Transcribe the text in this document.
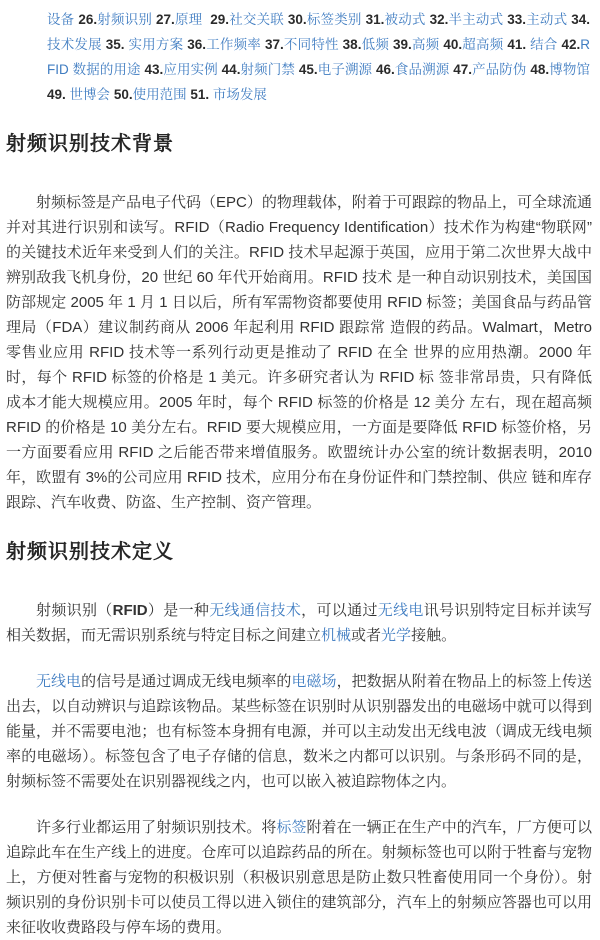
设备 26.射频识别 27.原理 29.社交关联 30.标签类别 31.被动式 32.半主动式 33.主动式 34.技术发展 35. 实用方案 36.工作频率 37.不同特性 38.低频 39.高频 40.超高频 41. 结合 42.RFID 数据的用途 43.应用实例 44.射频门禁 45.电子溯源 46.食品溯源 47.产品防伪 48.博物馆 49. 世博会 50.使用范围 51. 市场发展

射频识别技术背景

射频标签是产品电子代码（EPC）的物理载体，附着于可跟踪的物品上，可全球流通 并对其进行识别和读写。RFID（Radio Frequency Identification）技术作为构建“物联网” 的关键技术近年来受到人们的关注。RFID 技术早起源于英国，应用于第二次世界大战中辨别敌我飞机身份，20 世纪 60 年代开始商用。RFID 技术 是一种自动识别技术，美国国防部规定 2005 年 1 月 1 日以后，所有军需物资都要使用 RFID 标签；美国食品与药品管理局（FDA）建议制药商从 2006 年起利用 RFID 跟踪常 造假的药品。Walmart，Metro 零售业应用 RFID 技术等一系列行动更是推动了 RFID 在全 世界的应用热潮。2000 年时，每个 RFID 标签的价格是 1 美元。许多研究者认为 RFID 标 签非常昂贵，只有降低成本才能大规模应用。2005 年时，每个 RFID 标签的价格是 12 美分 左右，现在超高频 RFID 的价格是 10 美分左右。RFID 要大规模应用，一方面是要降低 RFID 标签价格，另一方面要看应用 RFID 之后能否带来增值服务。欧盟统计办公室的统计数据表明，2010 年，欧盟有 3%的公司应用 RFID 技术，应用分布在身份证件和门禁控制、供应 链和库存跟踪、汽车收费、防盗、生产控制、资产管理。

射频识别技术定义

射频识别（RFID）是一种无线通信技术，可以通过无线电讯号识别特定目标并读写相关数据，而无需识别系统与特定目标之间建立机械或者光学接触。

无线电的信号是通过调成无线电频率的电磁场，把数据从附着在物品上的标签上传送出去，以自动辨识与追踪该物品。某些标签在识别时从识别器发出的电磁场中就可以得到能量，并不需要电池；也有标签本身拥有电源，并可以主动发出无线电波（调成无线电频率的电磁场）。标签包含了电子存储的信息，数米之内都可以识别。与条形码不同的是，射频标签不需要处在识别器视线之内，也可以嵌入被追踪物体之内。

许多行业都运用了射频识别技术。将标签附着在一辆正在生产中的汽车，厂方便可以追踪此车在生产线上的进度。仓库可以追踪药品的所在。射频标签也可以附于牲畜与宠物上，方便对牲畜与宠物的积极识别（积极识别意思是防止数只牲畜使用同一个身份）。射频识别的身份识别卡可以使员工得以进入锁住的建筑部分，汽车上的射频应答器也可以用来征收收费路段与停车场的费用。
